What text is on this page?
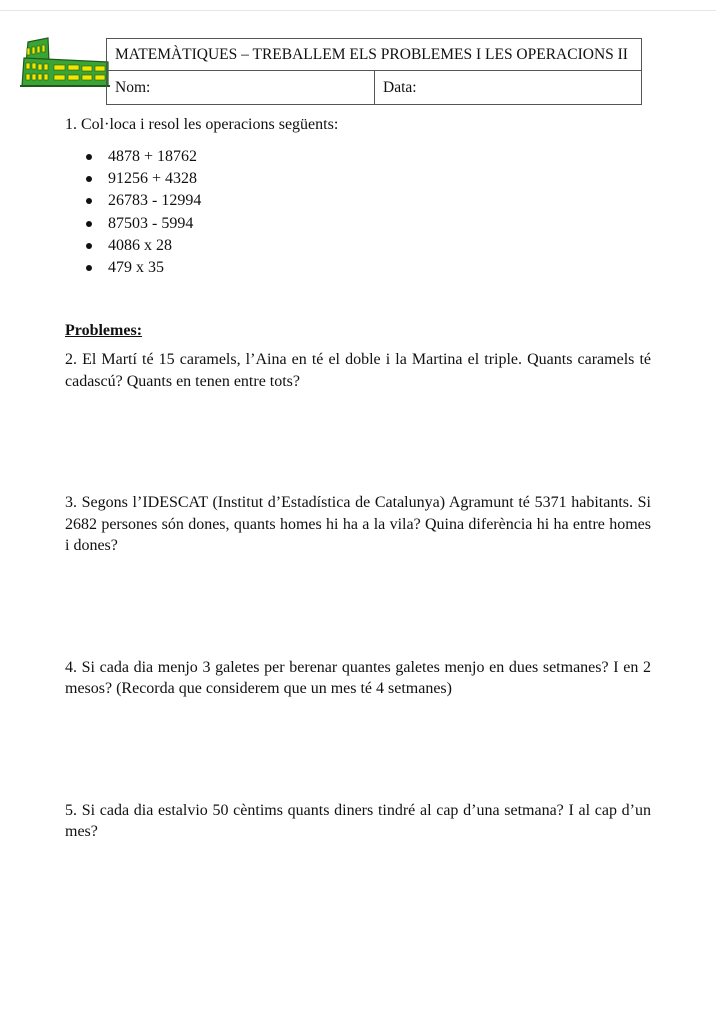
MATEMÀTIQUES – TREBALLEM ELS PROBLEMES I LES OPERACIONS II
Nom:	Data:
1. Col·loca i resol les operacions següents:
4878 + 18762
91256 + 4328
26783 - 12994
87503 - 5994
4086 x 28
479 x 35
Problemes:
2. El Martí té 15 caramels, l’Aina en té el doble i la Martina el triple. Quants caramels té cadascú? Quants en tenen entre tots?
3. Segons l’IDESCAT (Institut d’Estadística de Catalunya) Agramunt té 5371 habitants. Si 2682 persones són dones, quants homes hi ha a la vila? Quina diferència hi ha entre homes i dones?
4. Si cada dia menjo 3 galetes per berenar quantes galetes menjo en dues setmanes? I en 2 mesos? (Recorda que considerem que un mes té 4 setmanes)
5. Si cada dia estalvio 50 cèntims quants diners tindré al cap d’una setmana? I al cap d’un mes?
